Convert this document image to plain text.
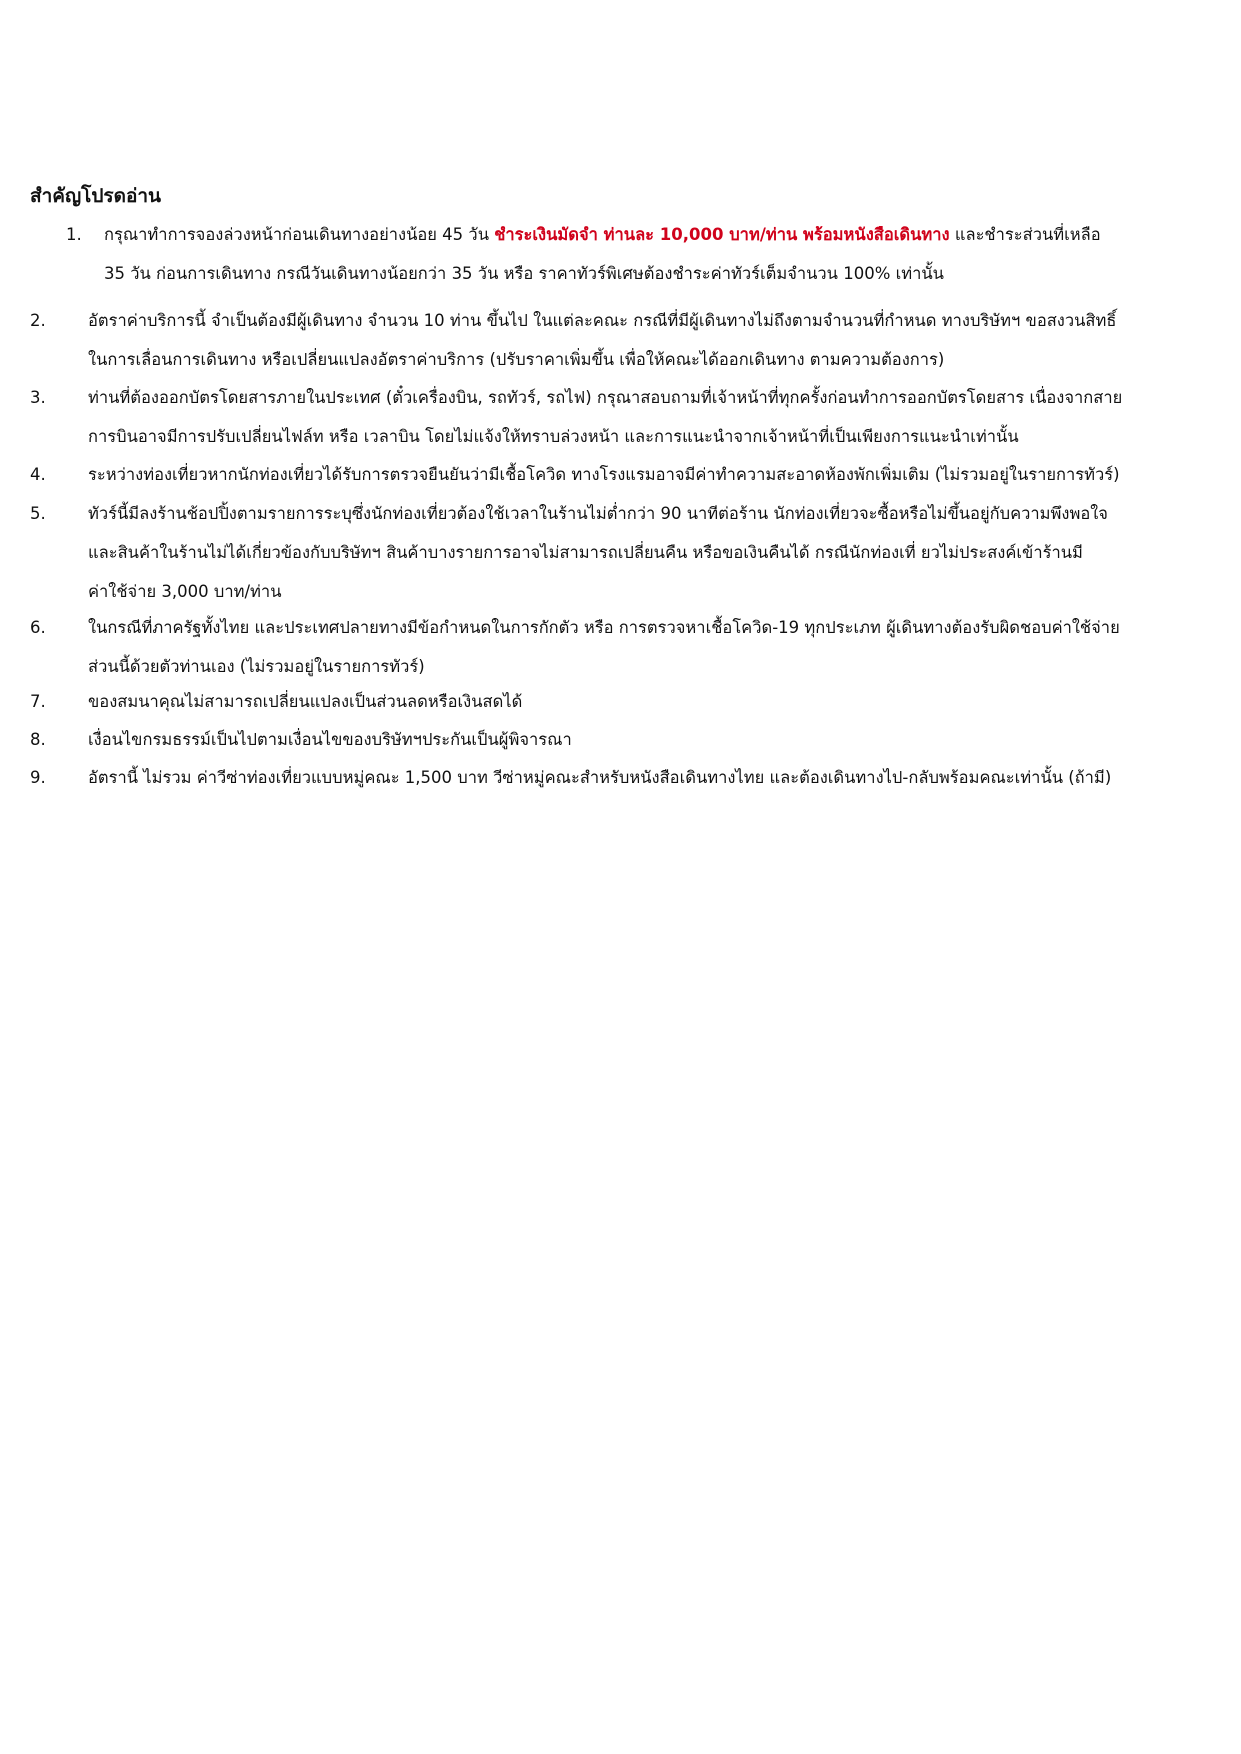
สำคัญโปรดอ่าน
1. กรุณาทำการจองล่วงหน้าก่อนเดินทางอย่างน้อย 45 วัน ชำระเงินมัดจำ ท่านละ 10,000 บาท/ท่าน พร้อมหนังสือเดินทาง และชำระส่วนที่เหลือ
35 วัน ก่อนการเดินทาง กรณีวันเดินทางน้อยกว่า 35 วัน หรือ ราคาทัวร์พิเศษต้องชำระค่าทัวร์เต็มจำนวน 100% เท่านั้น
2.	อัตราค่าบริการนี้ จำเป็นต้องมีผู้เดินทาง จำนวน 10 ท่าน ขึ้นไป ในแต่ละคณะ กรณีที่มีผู้เดินทางไม่ถึงตามจำนวนที่กำหนด ทางบริษัทฯ ขอสงวนสิทธิ์
ในการเลื่อนการเดินทาง หรือเปลี่ยนแปลงอัตราค่าบริการ (ปรับราคาเพิ่มขึ้น เพื่อให้คณะได้ออกเดินทาง ตามความต้องการ)
3.	ท่านที่ต้องออกบัตรโดยสารภายในประเทศ (ตั๋วเครื่องบิน, รถทัวร์, รถไฟ) กรุณาสอบถามที่เจ้าหน้าที่ทุกครั้งก่อนทำการออกบัตรโดยสาร เนื่องจากสาย
การบินอาจมีการปรับเปลี่ยนไฟล์ท หรือ เวลาบิน โดยไม่แจ้งให้ทราบล่วงหน้า และการแนะนำจากเจ้าหน้าที่เป็นเพียงการแนะนำเท่านั้น
4.	ระหว่างท่องเที่ยวหากนักท่องเที่ยวได้รับการตรวจยืนยันว่ามีเชื้อโควิด ทางโรงแรมอาจมีค่าทำความสะอาดห้องพักเพิ่มเติม (ไม่รวมอยู่ในรายการทัวร์)
5.	ทัวร์นี้มีลงร้านช้อปปิ้งตามรายการระบุซึ่งนักท่องเที่ยวต้องใช้เวลาในร้านไม่ต่ำกว่า 90 นาทีต่อร้าน นักท่องเที่ยวจะซื้อหรือไม่ขึ้นอยู่กับความพึงพอใจ
และสินค้าในร้านไม่ได้เกี่ยวข้องกับบริษัทฯ สินค้าบางรายการอาจไม่สามารถเปลี่ยนคืน หรือขอเงินคืนได้ กรณีนักท่องเที่ ยวไม่ประสงค์เข้าร้านมี
ค่าใช้จ่าย 3,000 บาท/ท่าน
6.	ในกรณีที่ภาครัฐทั้งไทย และประเทศปลายทางมีข้อกำหนดในการกักตัว หรือ การตรวจหาเชื้อโควิด-19 ทุกประเภท ผู้เดินทางต้องรับผิดชอบค่าใช้จ่าย
ส่วนนี้ด้วยตัวท่านเอง (ไม่รวมอยู่ในรายการทัวร์)
7.	ของสมนาคุณไม่สามารถเปลี่ยนแปลงเป็นส่วนลดหรือเงินสดได้
8.	เงื่อนไขกรมธรรม์เป็นไปตามเงื่อนไขของบริษัทฯประกันเป็นผู้พิจารณา
9.	อัตรานี้ ไม่รวม ค่าวีซ่าท่องเที่ยวแบบหมู่คณะ 1,500 บาท วีซ่าหมู่คณะสำหรับหนังสือเดินทางไทย และต้องเดินทางไป-กลับพร้อมคณะเท่านั้น (ถ้ามี)
